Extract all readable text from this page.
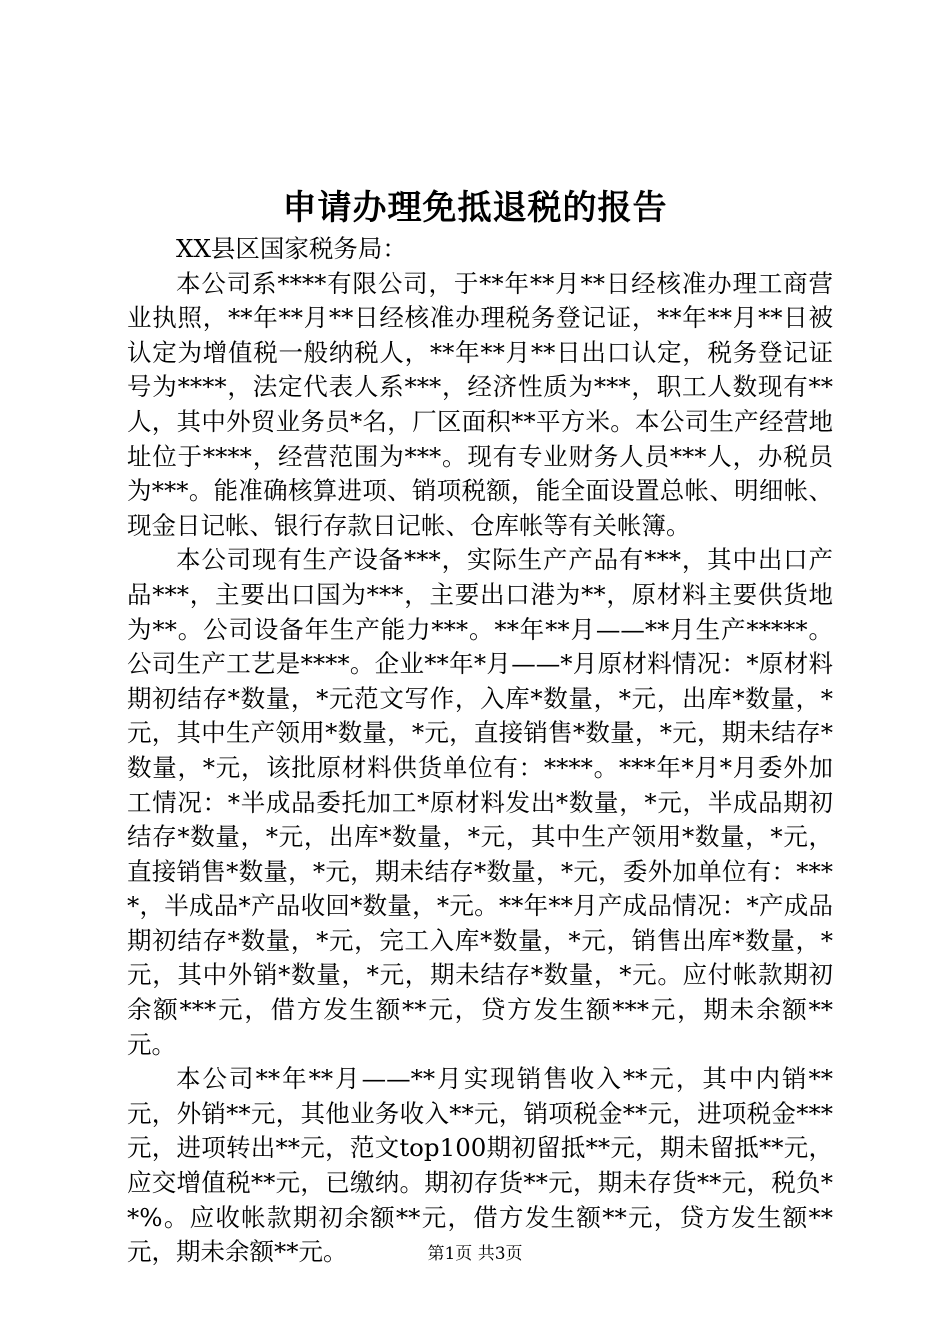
申请办理免抵退税的报告

XX县区国家税务局：

本公司系****有限公司，于**年**月**日经核准办理工商营业执照，**年**月**日经核准办理税务登记证，**年**月**日被认定为增值税一般纳税人，**年**月**日出口认定，税务登记证号为****，法定代表人系***，经济性质为***，职工人数现有**人，其中外贸业务员*名，厂区面积**平方米。本公司生产经营地址位于****，经营范围为***。现有专业财务人员***人，办税员为***。能准确核算进项、销项税额，能全面设置总帐、明细帐、现金日记帐、银行存款日记帐、仓库帐等有关帐簿。

本公司现有生产设备***，实际生产产品有***，其中出口产品***，主要出口国为***，主要出口港为**，原材料主要供货地为**。公司设备年生产能力***。**年**月——**月生产*****。公司生产工艺是****。企业**年*月——*月原材料情况：*原材料期初结存*数量，*元范文写作，入库*数量，*元，出库*数量，*元，其中生产领用*数量，*元，直接销售*数量，*元，期未结存*数量，*元，该批原材料供货单位有：****。***年*月*月委外加工情况：*半成品委托加工*原材料发出*数量，*元，半成品期初结存*数量，*元，出库*数量，*元，其中生产领用*数量，*元，直接销售*数量，*元，期未结存*数量，*元，委外加单位有：****，半成品*产品收回*数量，*元。**年**月产成品情况：*产成品期初结存*数量，*元，完工入库*数量，*元，销售出库*数量，*元，其中外销*数量，*元，期未结存*数量，*元。应付帐款期初余额***元，借方发生额**元，贷方发生额***元，期未余额**元。

本公司**年**月——**月实现销售收入**元，其中内销**元，外销**元，其他业务收入**元，销项税金**元，进项税金***元，进项转出**元，范文top100期初留抵**元，期未留抵**元，应交增值税**元，已缴纳。期初存货**元，期未存货**元，税负**%。应收帐款期初余额**元，借方发生额**元，贷方发生额**元，期未余额**元。	第1页 共3页
